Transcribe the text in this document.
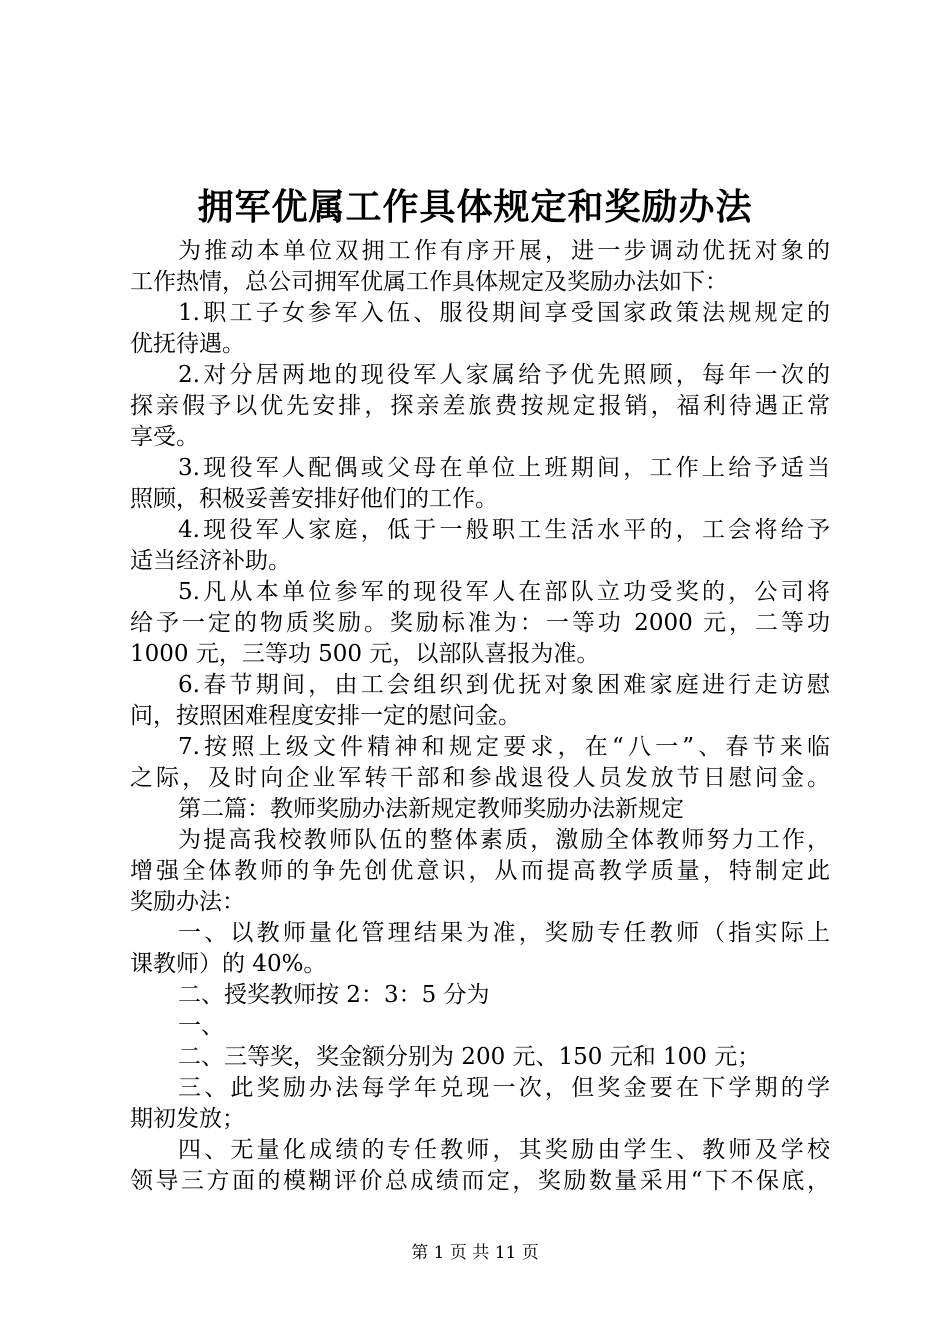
拥军优属工作具体规定和奖励办法
为推动本单位双拥工作有序开展，进一步调动优抚对象的
工作热情，总公司拥军优属工作具体规定及奖励办法如下：
1.职工子女参军入伍、服役期间享受国家政策法规规定的
优抚待遇。
2.对分居两地的现役军人家属给予优先照顾，每年一次的
探亲假予以优先安排，探亲差旅费按规定报销，福利待遇正常
享受。
3.现役军人配偶或父母在单位上班期间，工作上给予适当
照顾，积极妥善安排好他们的工作。
4.现役军人家庭，低于一般职工生活水平的，工会将给予
适当经济补助。
5.凡从本单位参军的现役军人在部队立功受奖的，公司将
给予一定的物质奖励。奖励标准为：一等功 2000 元，二等功
1000 元，三等功 500 元，以部队喜报为准。
6.春节期间，由工会组织到优抚对象困难家庭进行走访慰
问，按照困难程度安排一定的慰问金。
7.按照上级文件精神和规定要求，在“八一”、春节来临
之际，及时向企业军转干部和参战退役人员发放节日慰问金。
第二篇：教师奖励办法新规定教师奖励办法新规定
为提高我校教师队伍的整体素质，激励全体教师努力工作，
增强全体教师的争先创优意识，从而提高教学质量，特制定此
奖励办法：
一、以教师量化管理结果为准，奖励专任教师（指实际上
课教师）的 40%。
二、授奖教师按 2：3：5 分为
一、
二、三等奖，奖金额分别为 200 元、150 元和 100 元；
三、此奖励办法每学年兑现一次，但奖金要在下学期的学
期初发放；
四、无量化成绩的专任教师，其奖励由学生、教师及学校
领导三方面的模糊评价总成绩而定，奖励数量采用“下不保底，
第 1 页 共 11 页
